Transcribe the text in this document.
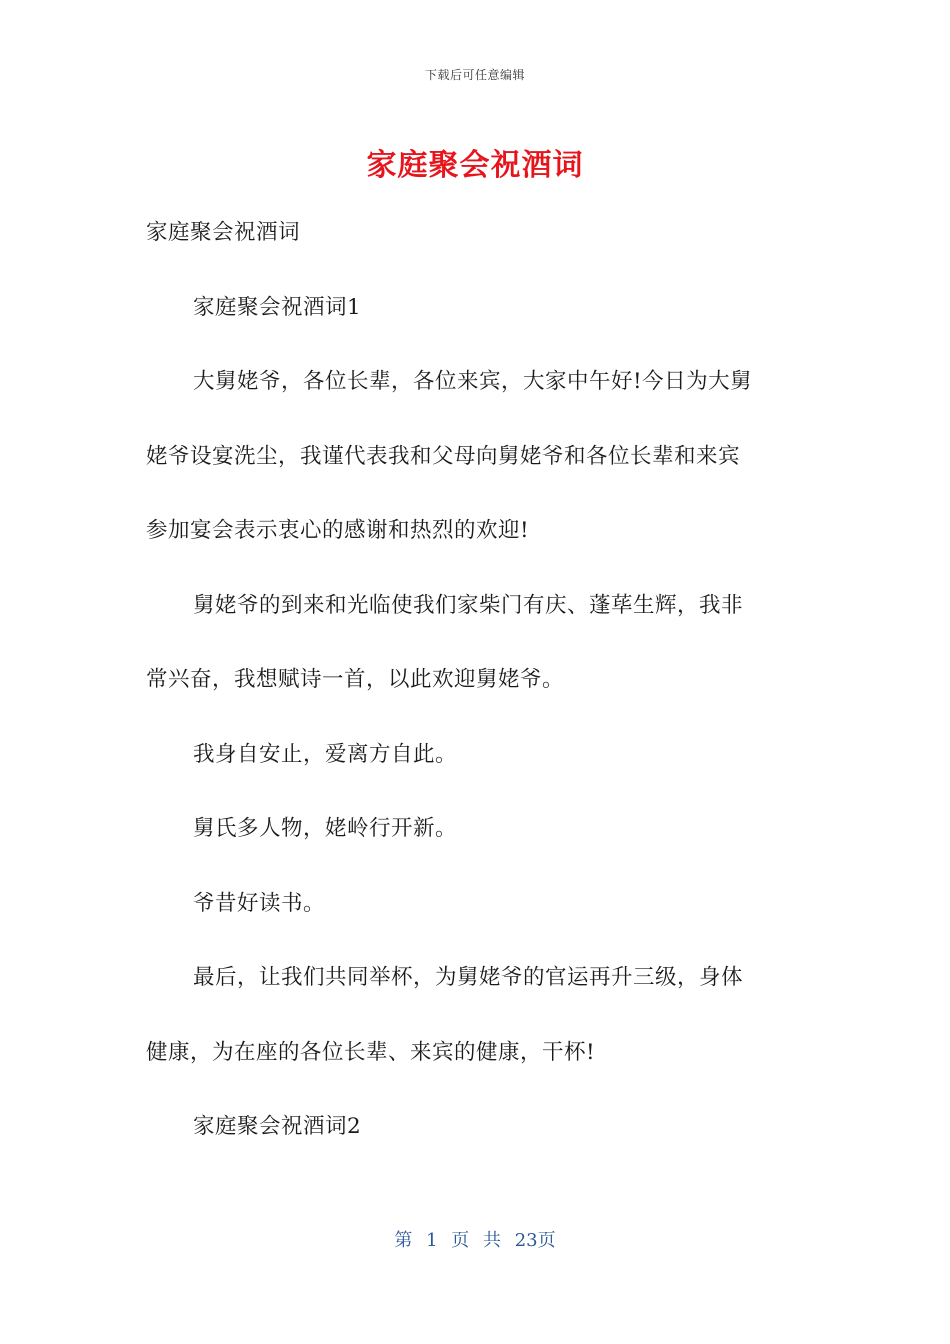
下载后可任意编辑
家庭聚会祝酒词
家庭聚会祝酒词
家庭聚会祝酒词1
大舅姥爷，各位长辈，各位来宾，大家中午好!今日为大舅
姥爷设宴洗尘，我谨代表我和父母向舅姥爷和各位长辈和来宾
参加宴会表示衷心的感谢和热烈的欢迎!
舅姥爷的到来和光临使我们家柴门有庆、蓬荜生辉，我非
常兴奋，我想赋诗一首，以此欢迎舅姥爷。
我身自安止，爱离方自此。
舅氏多人物，姥岭行开新。
爷昔好读书。
最后，让我们共同举杯，为舅姥爷的官运再升三级，身体
健康，为在座的各位长辈、来宾的健康，干杯!
家庭聚会祝酒词2
第 1 页 共 23页
